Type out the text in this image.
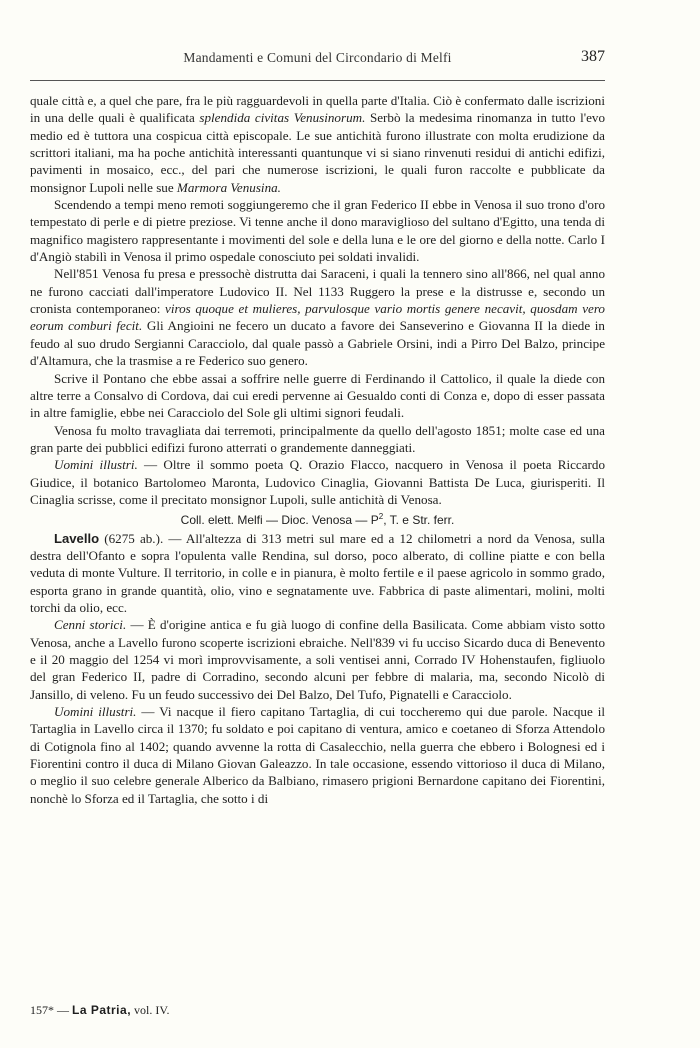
Mandamenti e Comuni del Circondario di Melfi	387

quale città e, a quel che pare, fra le più ragguardevoli in quella parte d'Italia. Ciò è confermato dalle iscrizioni in una delle quali è qualificata splendida civitas Venusinorum. Serbò la medesima rinomanza in tutto l'evo medio ed è tuttora una cospicua città episcopale. Le sue antichità furono illustrate con molta erudizione da scrittori italiani, ma ha poche antichità interessanti quantunque vi si siano rinvenuti residui di antichi edifizi, pavimenti in mosaico, ecc., del pari che numerose iscrizioni, le quali furon raccolte e pubblicate da monsignor Lupoli nelle sue Marmora Venusina.

Scendendo a tempi meno remoti soggiungeremo che il gran Federico II ebbe in Venosa il suo trono d'oro tempestato di perle e di pietre preziose. Vi tenne anche il dono maraviglioso del sultano d'Egitto, una tenda di magnifico magistero rappresentante i movimenti del sole e della luna e le ore del giorno e della notte. Carlo I d'Angiò stabilì in Venosa il primo ospedale conosciuto pei soldati invalidi.

Nell'851 Venosa fu presa e pressochè distrutta dai Saraceni, i quali la tennero sino all'866, nel qual anno ne furono cacciati dall'imperatore Ludovico II. Nel 1133 Ruggero la prese e la distrusse e, secondo un cronista contemporaneo: viros quoque et mulieres, parvulosque vario mortis genere necavit, quosdam vero eorum comburi fecit. Gli Angioini ne fecero un ducato a favore dei Sanseverino e Giovanna II la diede in feudo al suo drudo Sergianni Caracciolo, dal quale passò a Gabriele Orsini, indi a Pirro Del Balzo, principe d'Altamura, che la trasmise a re Federico suo genero.

Scrive il Pontano che ebbe assai a soffrire nelle guerre di Ferdinando il Cattolico, il quale la diede con altre terre a Consalvo di Cordova, dai cui eredi pervenne ai Gesualdo conti di Conza e, dopo di esser passata in altre famiglie, ebbe nei Caracciolo del Sole gli ultimi signori feudali.

Venosa fu molto travagliata dai terremoti, principalmente da quello dell'agosto 1851; molte case ed una gran parte dei pubblici edifizi furono atterrati o grandemente danneggiati.

Uomini illustri. — Oltre il sommo poeta Q. Orazio Flacco, nacquero in Venosa il poeta Riccardo Giudice, il botanico Bartolomeo Maronta, Ludovico Cinaglia, Giovanni Battista De Luca, giurisperiti. Il Cinaglia scrisse, come il precitato monsignor Lupoli, sulle antichità di Venosa.

Coll. elett. Melfi — Dioc. Venosa — $P^2$, T. e Str. ferr.

Lavello (6275 ab.). — All'altezza di 313 metri sul mare ed a 12 chilometri a nord da Venosa, sulla destra dell'Ofanto e sopra l'opulenta valle Rendina, sul dorso, poco alberato, di colline piatte e con bella veduta di monte Vulture. Il territorio, in colle e in pianura, è molto fertile e il paese agricolo in sommo grado, esporta grano in grande quantità, olio, vino e segnatamente uve. Fabbrica di paste alimentari, molini, molti torchi da olio, ecc.

Cenni storici. — È d'origine antica e fu già luogo di confine della Basilicata. Come abbiam visto sotto Venosa, anche a Lavello furono scoperte iscrizioni ebraiche. Nell'839 vi fu ucciso Sicardo duca di Benevento e il 20 maggio del 1254 vi morì improvvisamente, a soli ventisei anni, Corrado IV Hohenstaufen, figliuolo del gran Federico II, padre di Corradino, secondo alcuni per febbre di malaria, ma, secondo Nicolò di Jansillo, di veleno. Fu un feudo successivo dei Del Balzo, Del Tufo, Pignatelli e Caracciolo.

Uomini illustri. — Vi nacque il fiero capitano Tartaglia, di cui toccheremo qui due parole. Nacque il Tartaglia in Lavello circa il 1370; fu soldato e poi capitano di ventura, amico e coetaneo di Sforza Attendolo di Cotignola fino al 1402; quando avvenne la rotta di Casalecchio, nella guerra che ebbero i Bolognesi ed i Fiorentini contro il duca di Milano Giovan Galeazzo. In tale occasione, essendo vittorioso il duca di Milano, o meglio il suo celebre generale Alberico da Balbiano, rimasero prigioni Bernardone capitano dei Fiorentini, nonchè lo Sforza ed il Tartaglia, che sotto i di

157* — La Patria, vol. IV.
